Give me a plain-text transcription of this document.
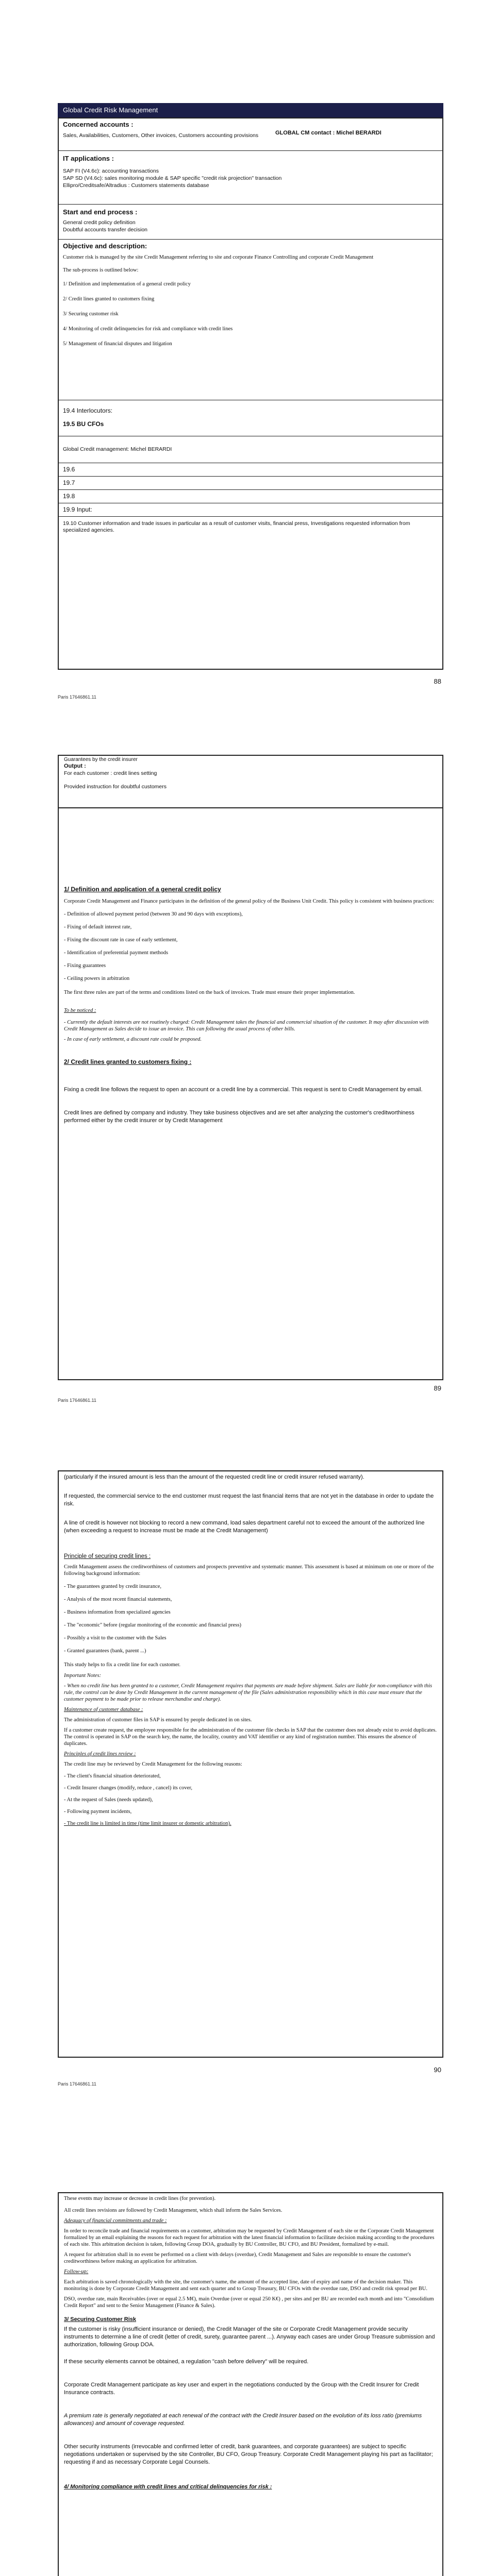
Global Credit Risk Management
Concerned accounts :
Sales, Availabilities, Customers, Other invoices, Customers accounting provisions	GLOBAL CM contact : Michel BERARDI
IT applications :
SAP FI (V4.6c): accounting transactions
SAP SD (V4.6c): sales monitoring module & SAP specific "credit risk projection" transaction
Ellipro/Creditsafe/Altradius : Customers statements database
Start and end process :
General credit policy definition
Doubtful accounts transfer decision
Objective and description:

Customer risk is managed by the site Credit Management referring to site and corporate Finance Controlling and corporate Credit Management

The sub-process is outlined below:

1/ Definition and implementation of a general credit policy

2/ Credit lines granted to customers fixing

3/ Securing customer risk

4/ Monitoring of credit delinquencies for risk and compliance with credit lines

5/ Management of financial disputes and litigation

19.4 Interlocutors:
19.5 BU CFOs
Global Credit management: Michel BERARDI
19.6
19.7
19.8
19.9 Input:
19.10 Customer information and trade issues in particular as a result of customer visits, financial press, Investigations requested information from specialized agencies.
88
Paris 17646861.11
Guarantees by the credit insurer
Output :
For each customer : credit lines setting
Provided instruction for doubtful customers

1/ Definition and application of a general credit policy

Corporate Credit Management and Finance participates in the definition of the general policy of the Business Unit Credit. This policy is consistent with business practices:

- Definition of allowed payment period (between 30 and 90 days with exceptions),

- Fixing of default interest rate,

- Fixing the discount rate in case of early settlement,

- Identification of preferential payment methods

- Fixing guarantees

- Ceiling powers in arbitration

The first three rules are part of the terms and conditions listed on the back of invoices. Trade must ensure their proper implementation.

To be noticed :

- Currently the default interests are not routinely charged: Credit Management takes the financial and commercial situation of the customer. It may after discussion with Credit Management as Sales decide to issue an invoice. This can following the usual process of other bills.

- In case of early settlement, a discount rate could be proposed.

2/ Credit lines granted to customers fixing :

Fixing a credit line follows the request to open an account or a credit line by a commercial. This request is sent to Credit Management by email.

Credit lines are defined by company and industry. They take business objectives and are set after analyzing the customer's creditworthiness performed either by the credit insurer or by Credit Management

89
Paris 17646861.11

(particularly if the insured amount is less than the amount of the requested credit line or credit insurer refused warranty).

If requested, the commercial service to the end customer must request the last financial items that are not yet in the database in order to update the risk.

A line of credit is however not blocking to record a new command, load sales department careful not to exceed the amount of the authorized line (when exceeding a request to increase must be made at the Credit Management)

Principle of securing credit lines :

Credit Management assess the creditworthiness of customers and prospects preventive and systematic manner. This assessment is based at minimum on one or more of the following background information:

- The guarantees granted by credit insurance,

- Analysis of the most recent financial statements,

- Business information from specialized agencies

- The "economic" before (regular monitoring of the economic and financial press)

- Possibly a visit to the customer with the Sales

- Granted guarantees (bank, parent ...)

This study helps to fix a credit line for each customer.

Important Notes:

- When no credit line has been granted to a customer, Credit Management requires that payments are made before shipment. Sales are liable for non-compliance with this rule, the control can be done by Credit Management in the current management of the file (Sales administration responsibility which in this case must ensure that the customer payment to be made prior to release merchandise and charge).

Maintenance of customer database :

The administration of customer files in SAP is ensured by people dedicated in on sites.

If a customer create request, the employee responsible for the administration of the customer file checks in SAP that the customer does not already exist to avoid duplicates. The control is operated in SAP on the search key, the name, the locality, country and VAT identifier or any kind of registration number. This ensures the absence of duplicates.

Principles of credit lines review :

The credit line may be reviewed by Credit Management for the following reasons:

- The client's financial situation deteriorated,

- Credit Insurer changes (modify, reduce , cancel) its cover,

- At the request of Sales (needs updated),

- Following payment incidents,

- The credit line is limited in time (time limit insurer or domestic arbitration).

90
Paris 17646861.11

These events may increase or decrease in credit lines (for prevention).

All credit lines revisions are followed by Credit Management, which shall inform the Sales Services.

Adequacy of financial commitments and trade :

In order to reconcile trade and financial requirements on a customer, arbitration may be requested by Credit Management of each site or the Corporate Credit Management formalized by an email explaining the reasons for each request for arbitration with the latest financial information to facilitate decision making according to the procedures of each site. This arbitration decision is taken, following Group DOA, gradually by BU Controller, BU CFO, and BU President, formalized by e-mail.

A request for arbitration shall in no event be performed on a client with delays (overdue), Credit Management and Sales are responsible to ensure the customer's creditworthiness before making an application for arbitration.

Follow-up:

Each arbitration is saved chronologically with the site, the customer's name, the amount of the accepted line, date of expiry and name of the decision maker. This monitoring is done by Corporate Credit Management and sent each quarter and to Group Treasury, BU CFOs with the overdue rate, DSO and credit risk spread per BU.

DSO, overdue rate, main Receivables (over or equal 2.5 M€), main Overdue (over or equal 250 K€) , per sites and per BU are recorded each month and into "Consolidium Credit Report" and sent to the Senior Management (Finance & Sales).

3/ Securing Customer Risk

If the customer is risky (insufficient insurance or denied), the Credit Manager of the site or Corporate Credit Management provide security instruments to determine a line of credit (letter of credit, surety, guarantee parent ...). Anyway each cases are under Group Treasure submission and authorization, following Group DOA.

If these security elements cannot be obtained, a regulation "cash before delivery" will be required.

Corporate Credit Management participate as key user and expert in the negotiations conducted by the Group with the Credit Insurer for Credit Insurance contracts.

A premium rate is generally negotiated at each renewal of the contract with the Credit Insurer based on the evolution of its loss ratio (premiums allowances) and amount of coverage requested.

Other security instruments (irrevocable and confirmed letter of credit, bank guarantees, and corporate guarantees) are subject to specific negotiations undertaken or supervised by the site Controller, BU CFO, Group Treasury. Corporate Credit Management playing his part as facilitator; requesting if and as necessary Corporate Legal Counsels.

4/ Monitoring compliance with credit lines and critical delinquencies for risk :
